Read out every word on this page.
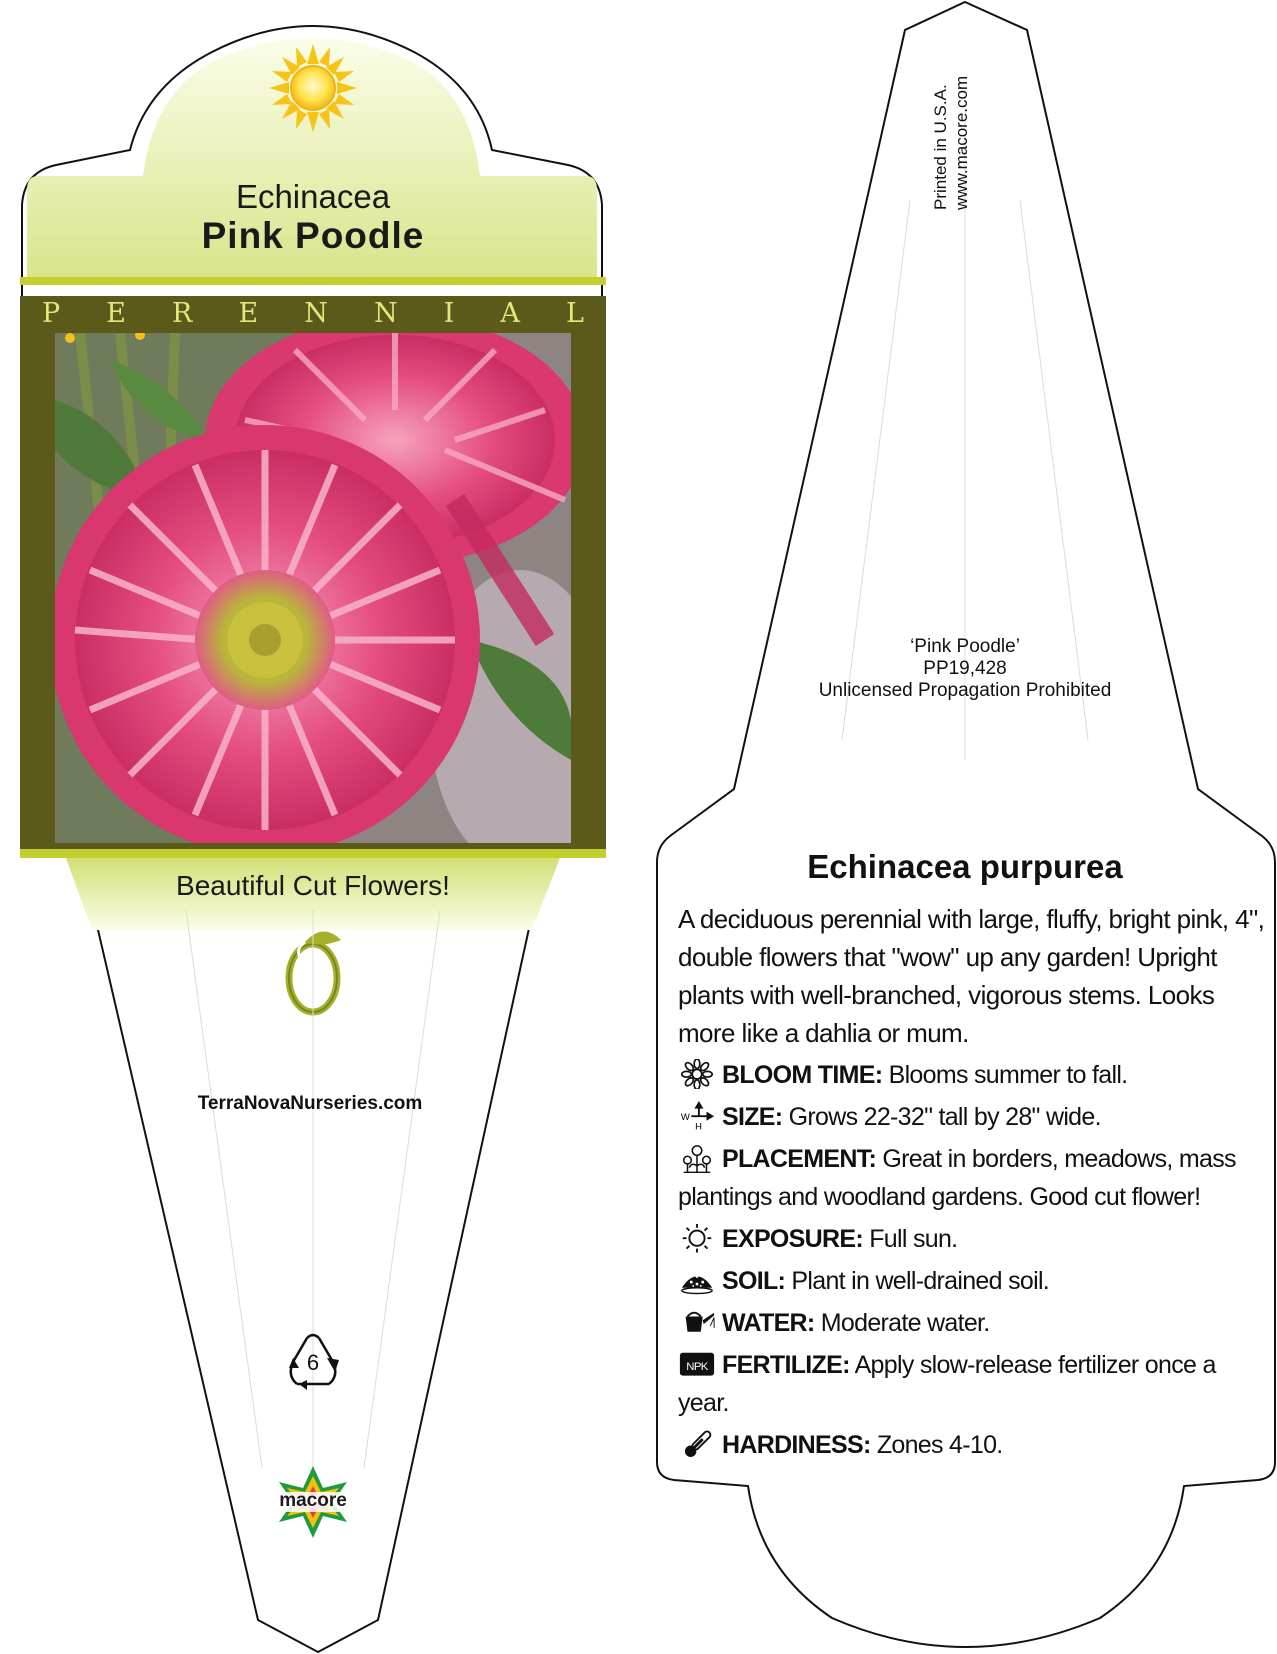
Echinacea
Pink Poodle
P E R E N N I A L
Beautiful Cut Flowers!
TerraNovaNurseries.com
6
macore
Printed in U.S.A. www.macore.com
‘Pink Poodle’
PP19,428
Unlicensed Propagation Prohibited
Echinacea purpurea
A deciduous perennial with large, fluffy, bright pink, 4", double flowers that "wow" up any garden! Upright plants with well-branched, vigorous stems. Looks more like a dahlia or mum.
BLOOM TIME: Blooms summer to fall.
W
H SIZE: Grows 22-32" tall by 28" wide.
PLACEMENT: Great in borders, meadows, mass plantings and woodland gardens. Good cut flower!
EXPOSURE: Full sun.
SOIL: Plant in well-drained soil.
WATER: Moderate water.
NPK FERTILIZE: Apply slow-release fertilizer once a year.
HARDINESS: Zones 4-10.
